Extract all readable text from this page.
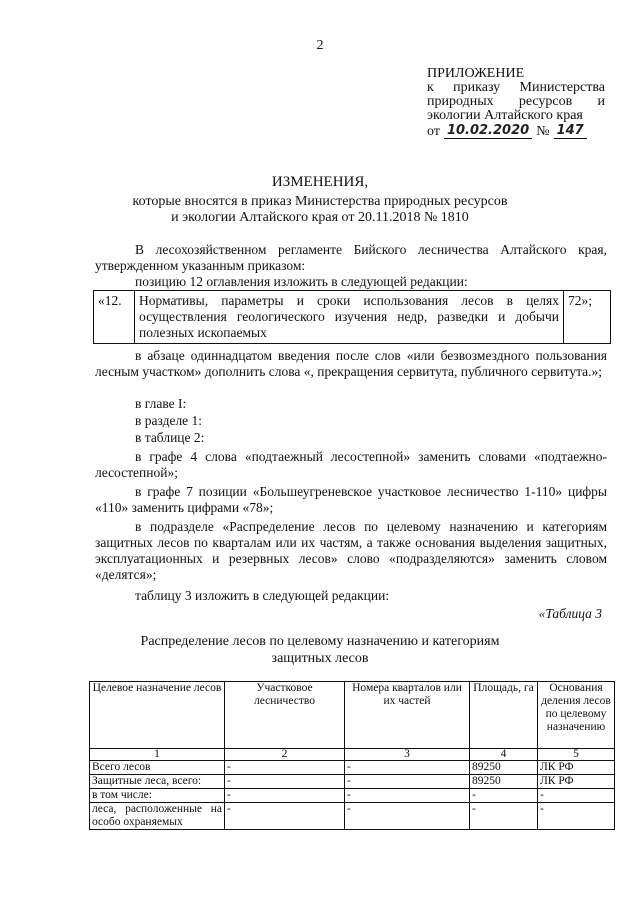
2
ПРИЛОЖЕНИЕ
к приказу Министерства
природных ресурсов и
экологии Алтайского края
от 10.02.2020 № 147
ИЗМЕНЕНИЯ,
которые вносятся в приказ Министерства природных ресурсов
и экологии Алтайского края от 20.11.2018 № 1810

В лесохозяйственном регламенте Бийского лесничества Алтайского края, утвержденном указанным приказом:

позицию 12 оглавления изложить в следующей редакции:

«12.	Нормативы, параметры и сроки использования лесов в целях осуществления геологического изучения недр, разведки и добычи полезных ископаемых	72»;

в абзаце одиннадцатом введения после слов «или безвозмездного пользования лесным участком» дополнить слова «, прекращения сервитута, публичного сервитута.»;

в главе I:

в разделе 1:

в таблице 2:

в графе 4 слова «подтаежный лесостепной» заменить словами «подтаежно-лесостепной»;

в графе 7 позиции «Большеугреневское участковое лесничество 1-110» цифры «110» заменить цифрами «78»;

в подразделе «Распределение лесов по целевому назначению и категориям защитных лесов по кварталам или их частям, а также основания выделения защитных, эксплуатационных и резервных лесов» слово «подразделяются» заменить словом «делятся»;

таблицу 3 изложить в следующей редакции:

«Таблица 3
Распределение лесов по целевому назначению и категориям
защитных лесов
Целевое назначение лесов	Участковое лесничество	Номера кварталов или их частей	Площадь, га	Основания деления лесов по целевому назначению
1	2	3	4	5
Всего лесов	-	-	89250	ЛК РФ
Защитные леса, всего:	-	-	89250	ЛК РФ
в том числе:	-	-	-	-
леса, расположенные на особо охраняемых	-	-	-	-
